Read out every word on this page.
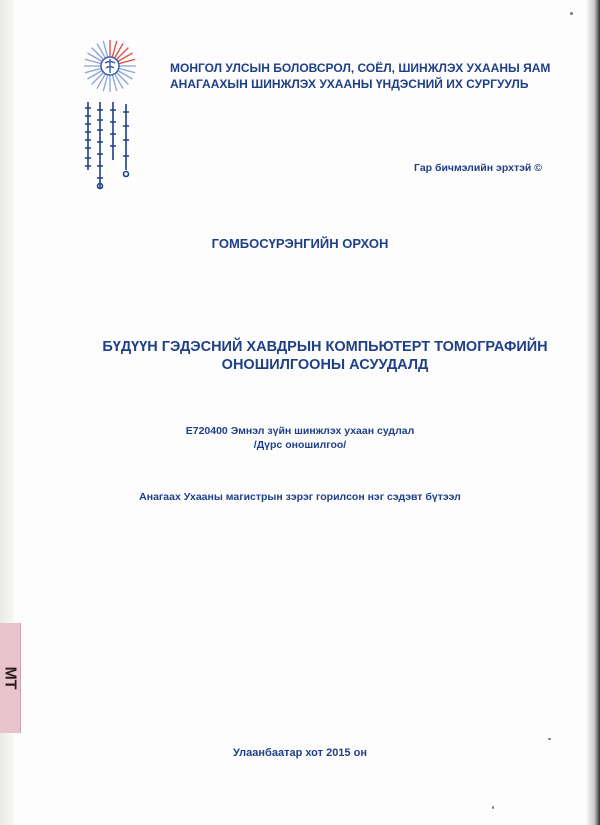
МОНГОЛ УЛСЫН БОЛОВСРОЛ, СОЁЛ, ШИНЖЛЭХ УХААНЫ ЯАМ
АНАГААХЫН ШИНЖЛЭХ УХААНЫ ҮНДЭСНИЙ ИХ СУРГУУЛЬ
Гар бичмэлийн эрхтэй ©
ГОМБОСҮРЭНГИЙН ОРХОН
БҮДҮҮН ГЭДЭСНИЙ ХАВДРЫН КОМПЬЮТЕРТ ТОМОГРАФИЙН
ОНОШИЛГООНЫ АСУУДАЛД
E720400 Эмнэл зүйн шинжлэх ухаан судлал
/Дүрс оношилгоо/
Анагаах Ухааны магистрын зэрэг горилсон нэг сэдэвт бүтээл
Улаанбаатар хот 2015 он
МТ
